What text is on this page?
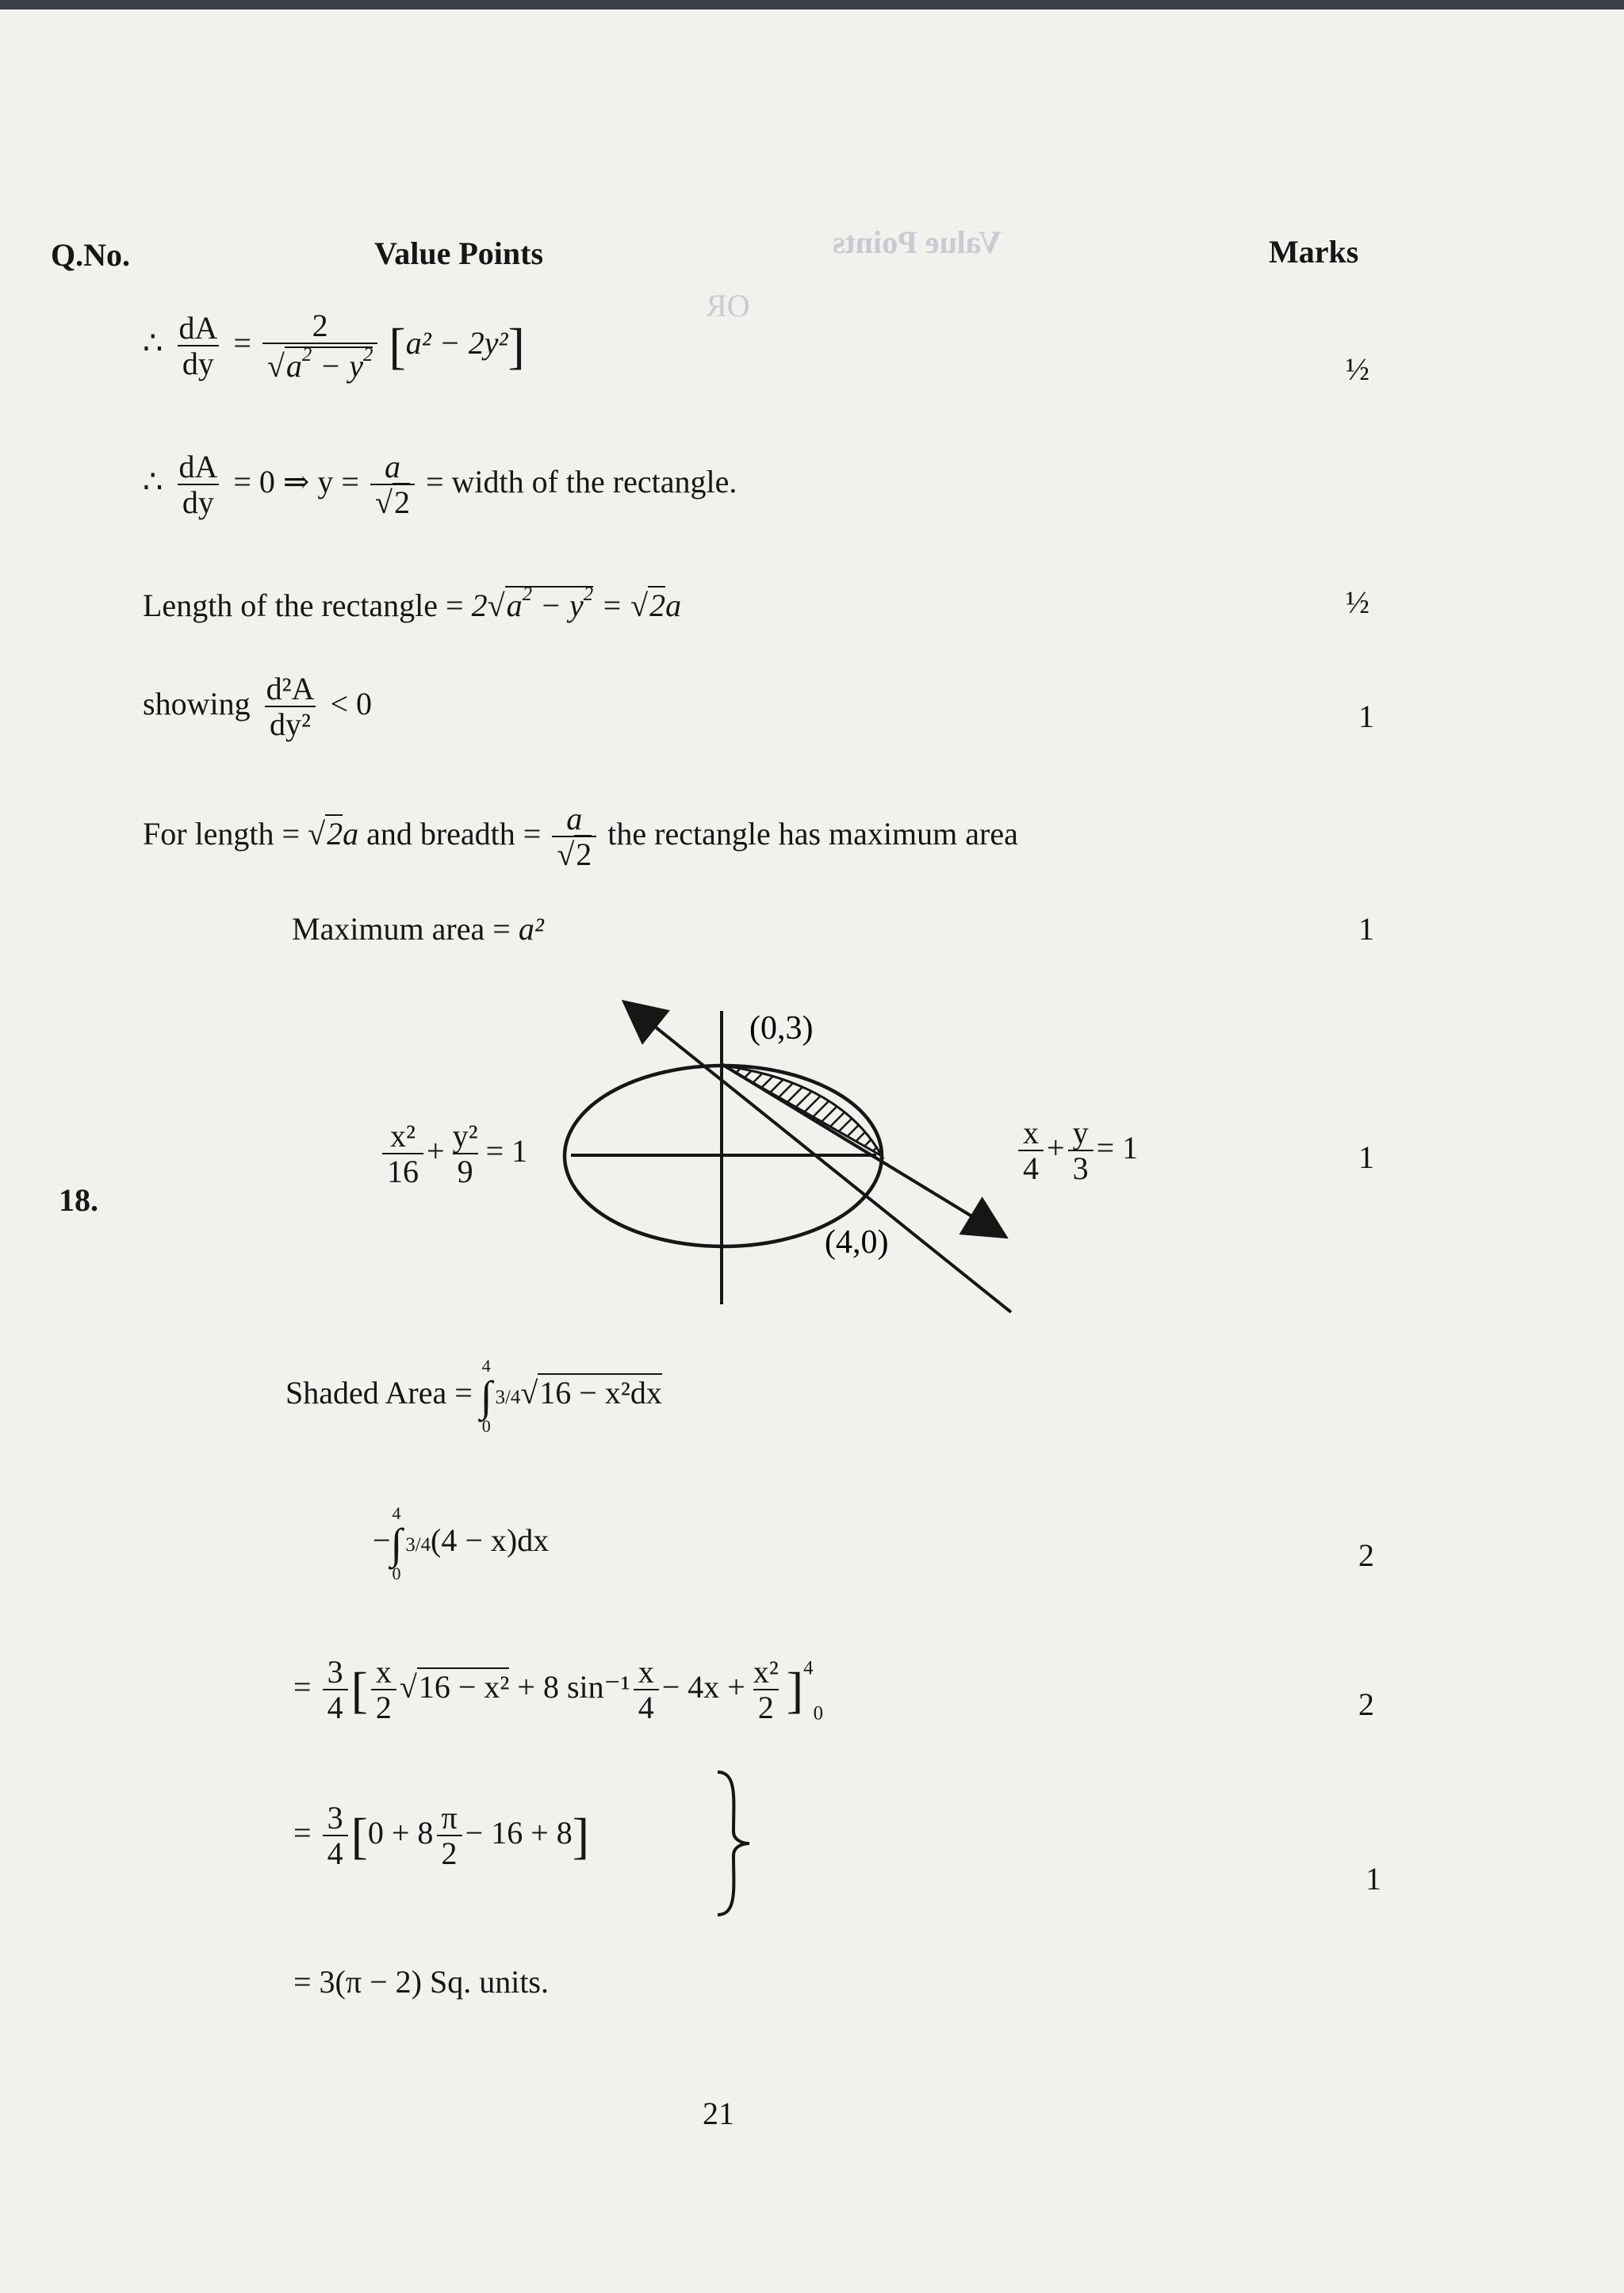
Value Points
OR
Q.No.	Value Points	Marks
∴ $\frac{dA}{dy} = \frac{2}{√a^2 - y^2} [a^2 - 2y^2]$	½
∴ $\frac{dA}{dy} = 0$ ⇒ $y = \frac{a}{√2}$ = width of the rectangle.
Length of the rectangle = $2√a^2 - y^2 = √2a$	½
showing $\frac{\text{d²A}}{\text{dy²}} < 0$	1
For length = √2a and breadth = $\frac{a}{√2}$ the rectangle has maximum area
Maximum area = a²	1
18.
(0,3)
(4,0)
$\frac{\text{x²}}{16} + \frac{\text{y²}}{9} = 1$	$\frac{x}{4} + \frac{y}{3} = 1$	1
Shaded Area =
4
∫
0
3/4√16 − x²dx
−
4
∫
0
3/4(4 − x)dx	2
= $\frac{3}{4}$ [ $\frac{x}{2} √16 - x^2 + 8$ $\sin^{-1} \frac{x}{4} - 4x + \frac{\text{x²}}{2} ]^4_0$	2
= $\frac{3}{4} [0 + 8 \frac{\pi}{2} - 16 + 8]$
1
= 3(π − 2) Sq. units.
21
